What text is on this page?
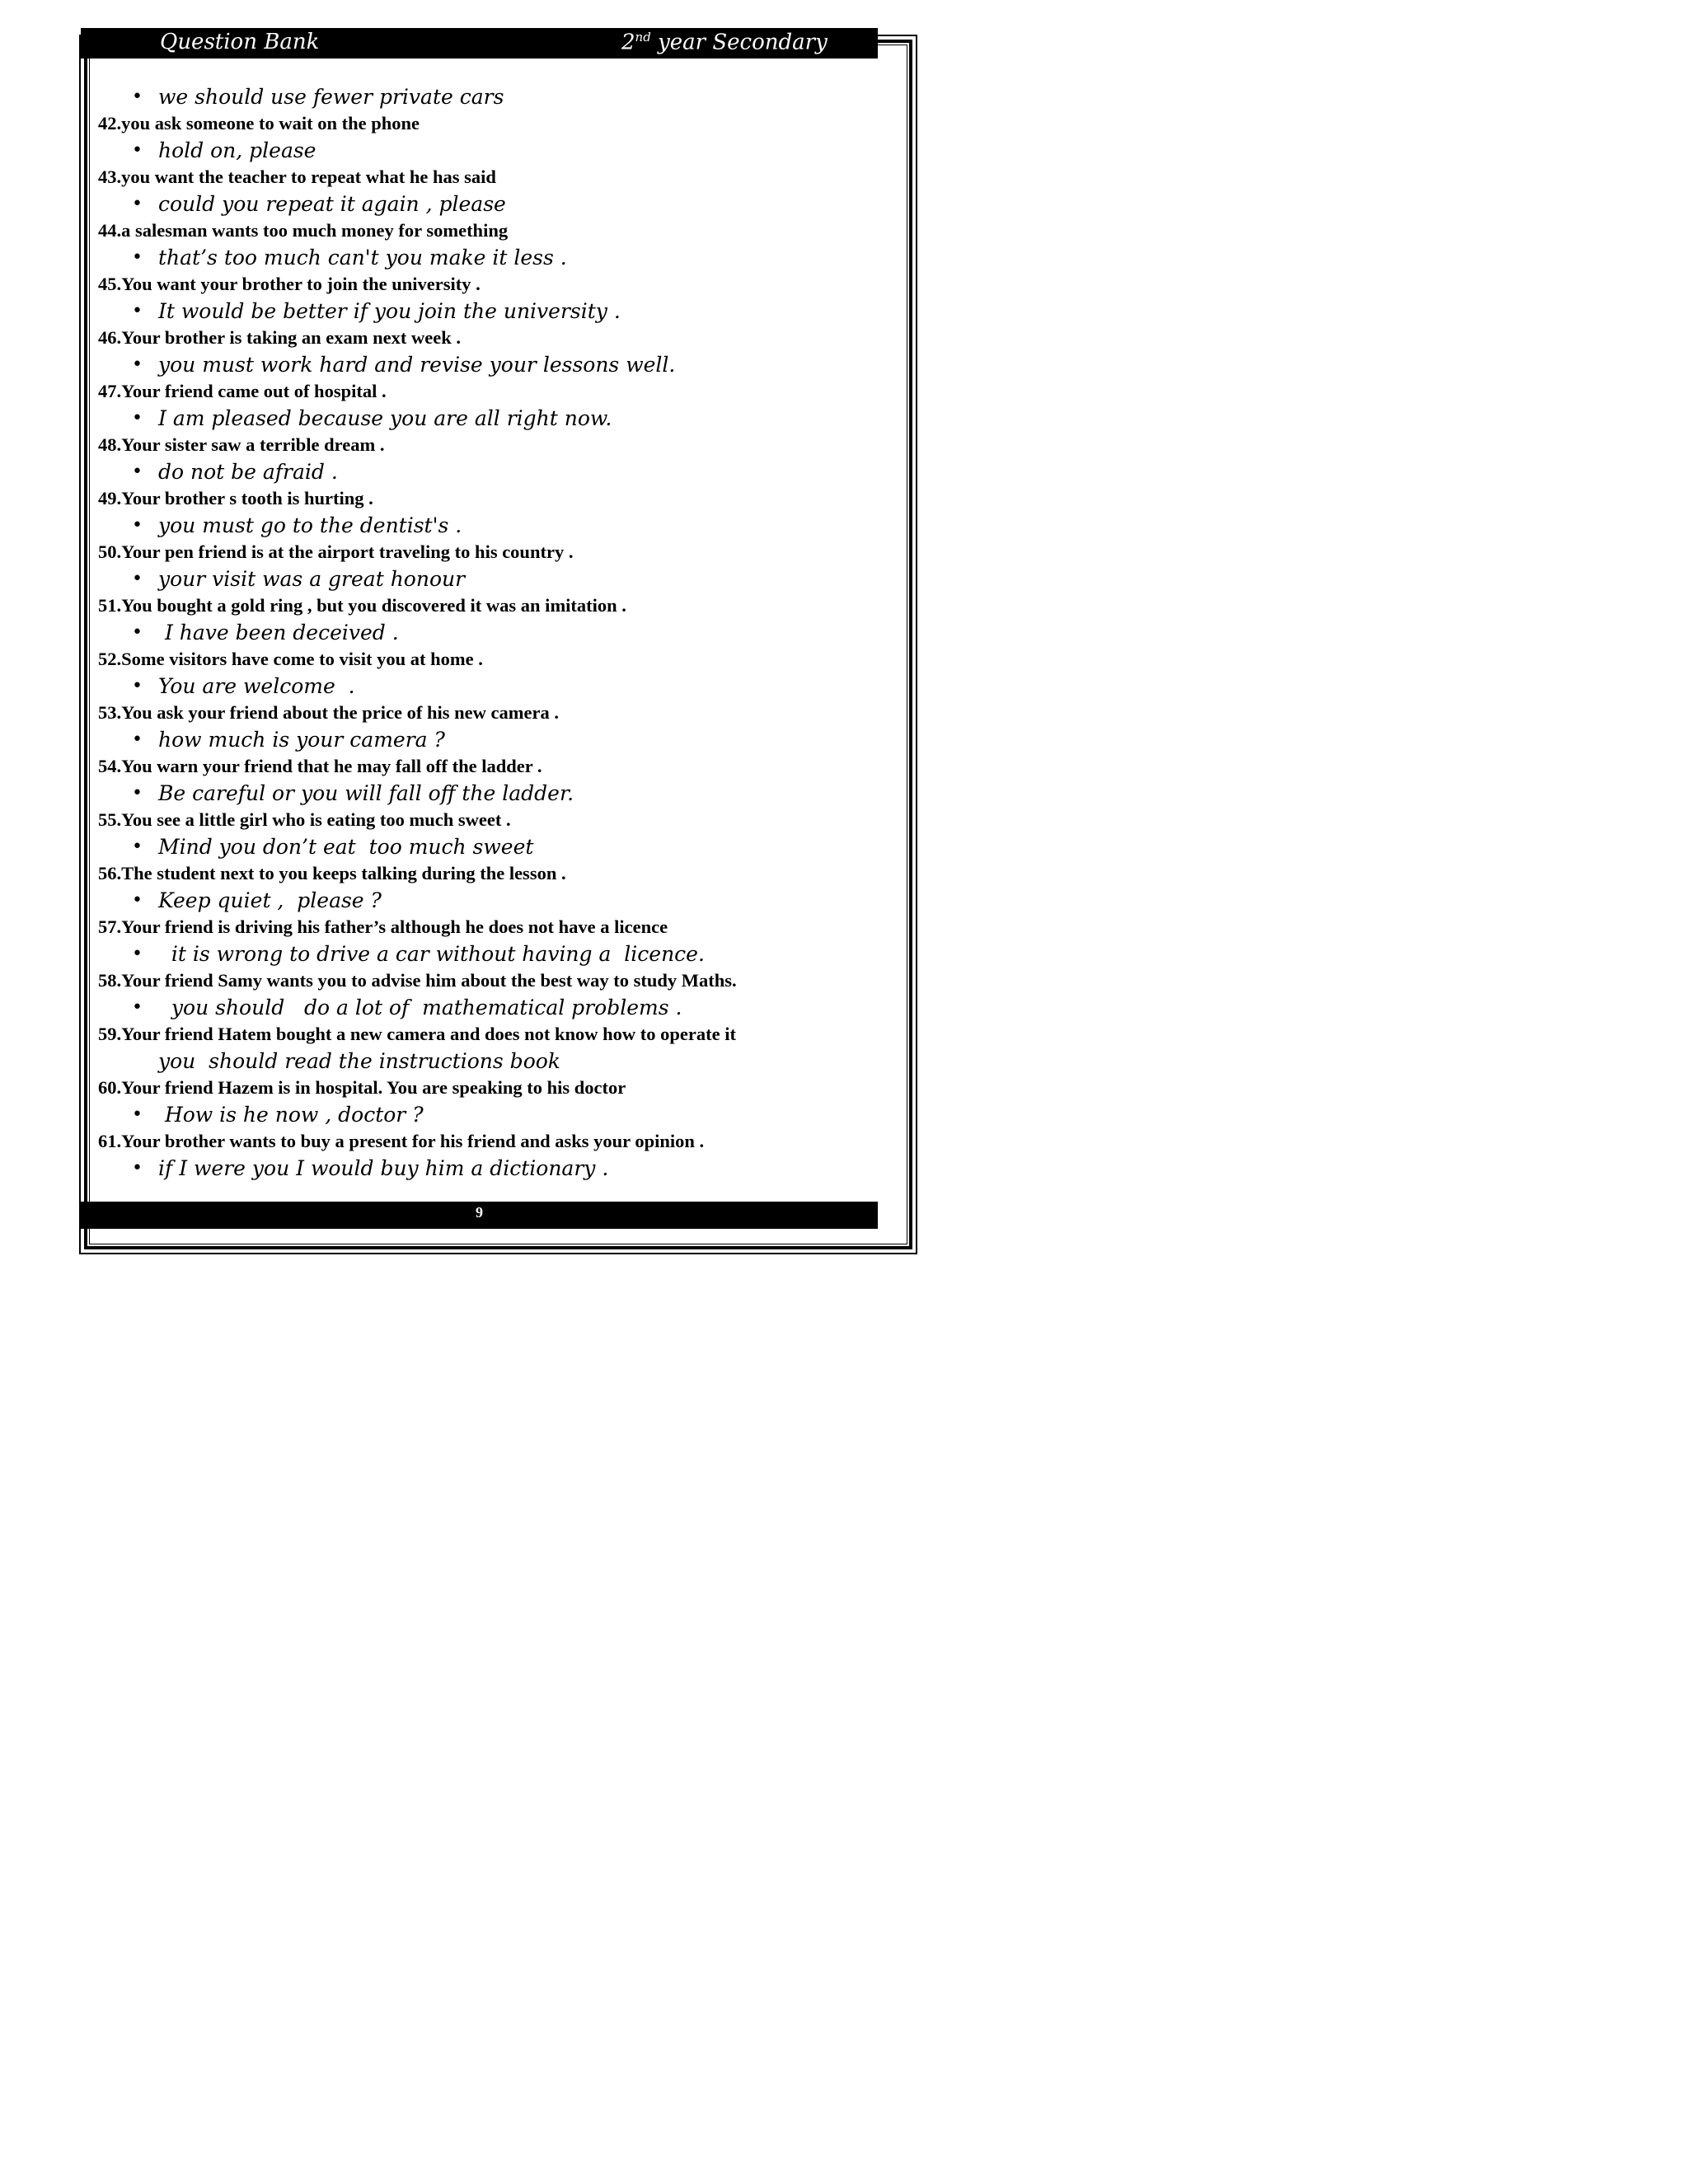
Question Bank	2nd year Secondary
• we should use fewer private cars
42.you ask someone to wait on the phone
• hold on, please
43.you want the teacher to repeat what he has said
• could you repeat it again , please
44.a salesman wants too much money for something
• that’s too much can't you make it less .
45.You want your brother to join the university .
• It would be better if you join the university .
46.Your brother is taking an exam next week .
• you must work hard and revise your lessons well.
47.Your friend came out of hospital .
• I am pleased because you are all right now.
48.Your sister saw a terrible dream .
• do not be afraid .
49.Your brother s tooth is hurting .
• you must go to the dentist's .
50.Your pen friend is at the airport traveling to his country .
• your visit was a great honour
51.You bought a gold ring , but you discovered it was an imitation .
• I have been deceived .
52.Some visitors have come to visit you at home .
• You are welcome  .
53.You ask your friend about the price of his new camera .
• how much is your camera ?
54.You warn your friend that he may fall off the ladder .
• Be careful or you will fall off the ladder.
55.You see a little girl who is eating too much sweet .
• Mind you don’t eat  too much sweet
56.The student next to you keeps talking during the lesson .
• Keep quiet ,  please ?
57.Your friend is driving his father’s although he does not have a licence
• it is wrong to drive a car without having a  licence.
58.Your friend Samy wants you to advise him about the best way to study Maths.
• you should   do a lot of  mathematical problems .
59.Your friend Hatem bought a new camera and does not know how to operate it
you  should read the instructions book
60.Your friend Hazem is in hospital. You are speaking to his doctor
• How is he now , doctor ?
61.Your brother wants to buy a present for his friend and asks your opinion .
• if I were you I would buy him a dictionary .
9
